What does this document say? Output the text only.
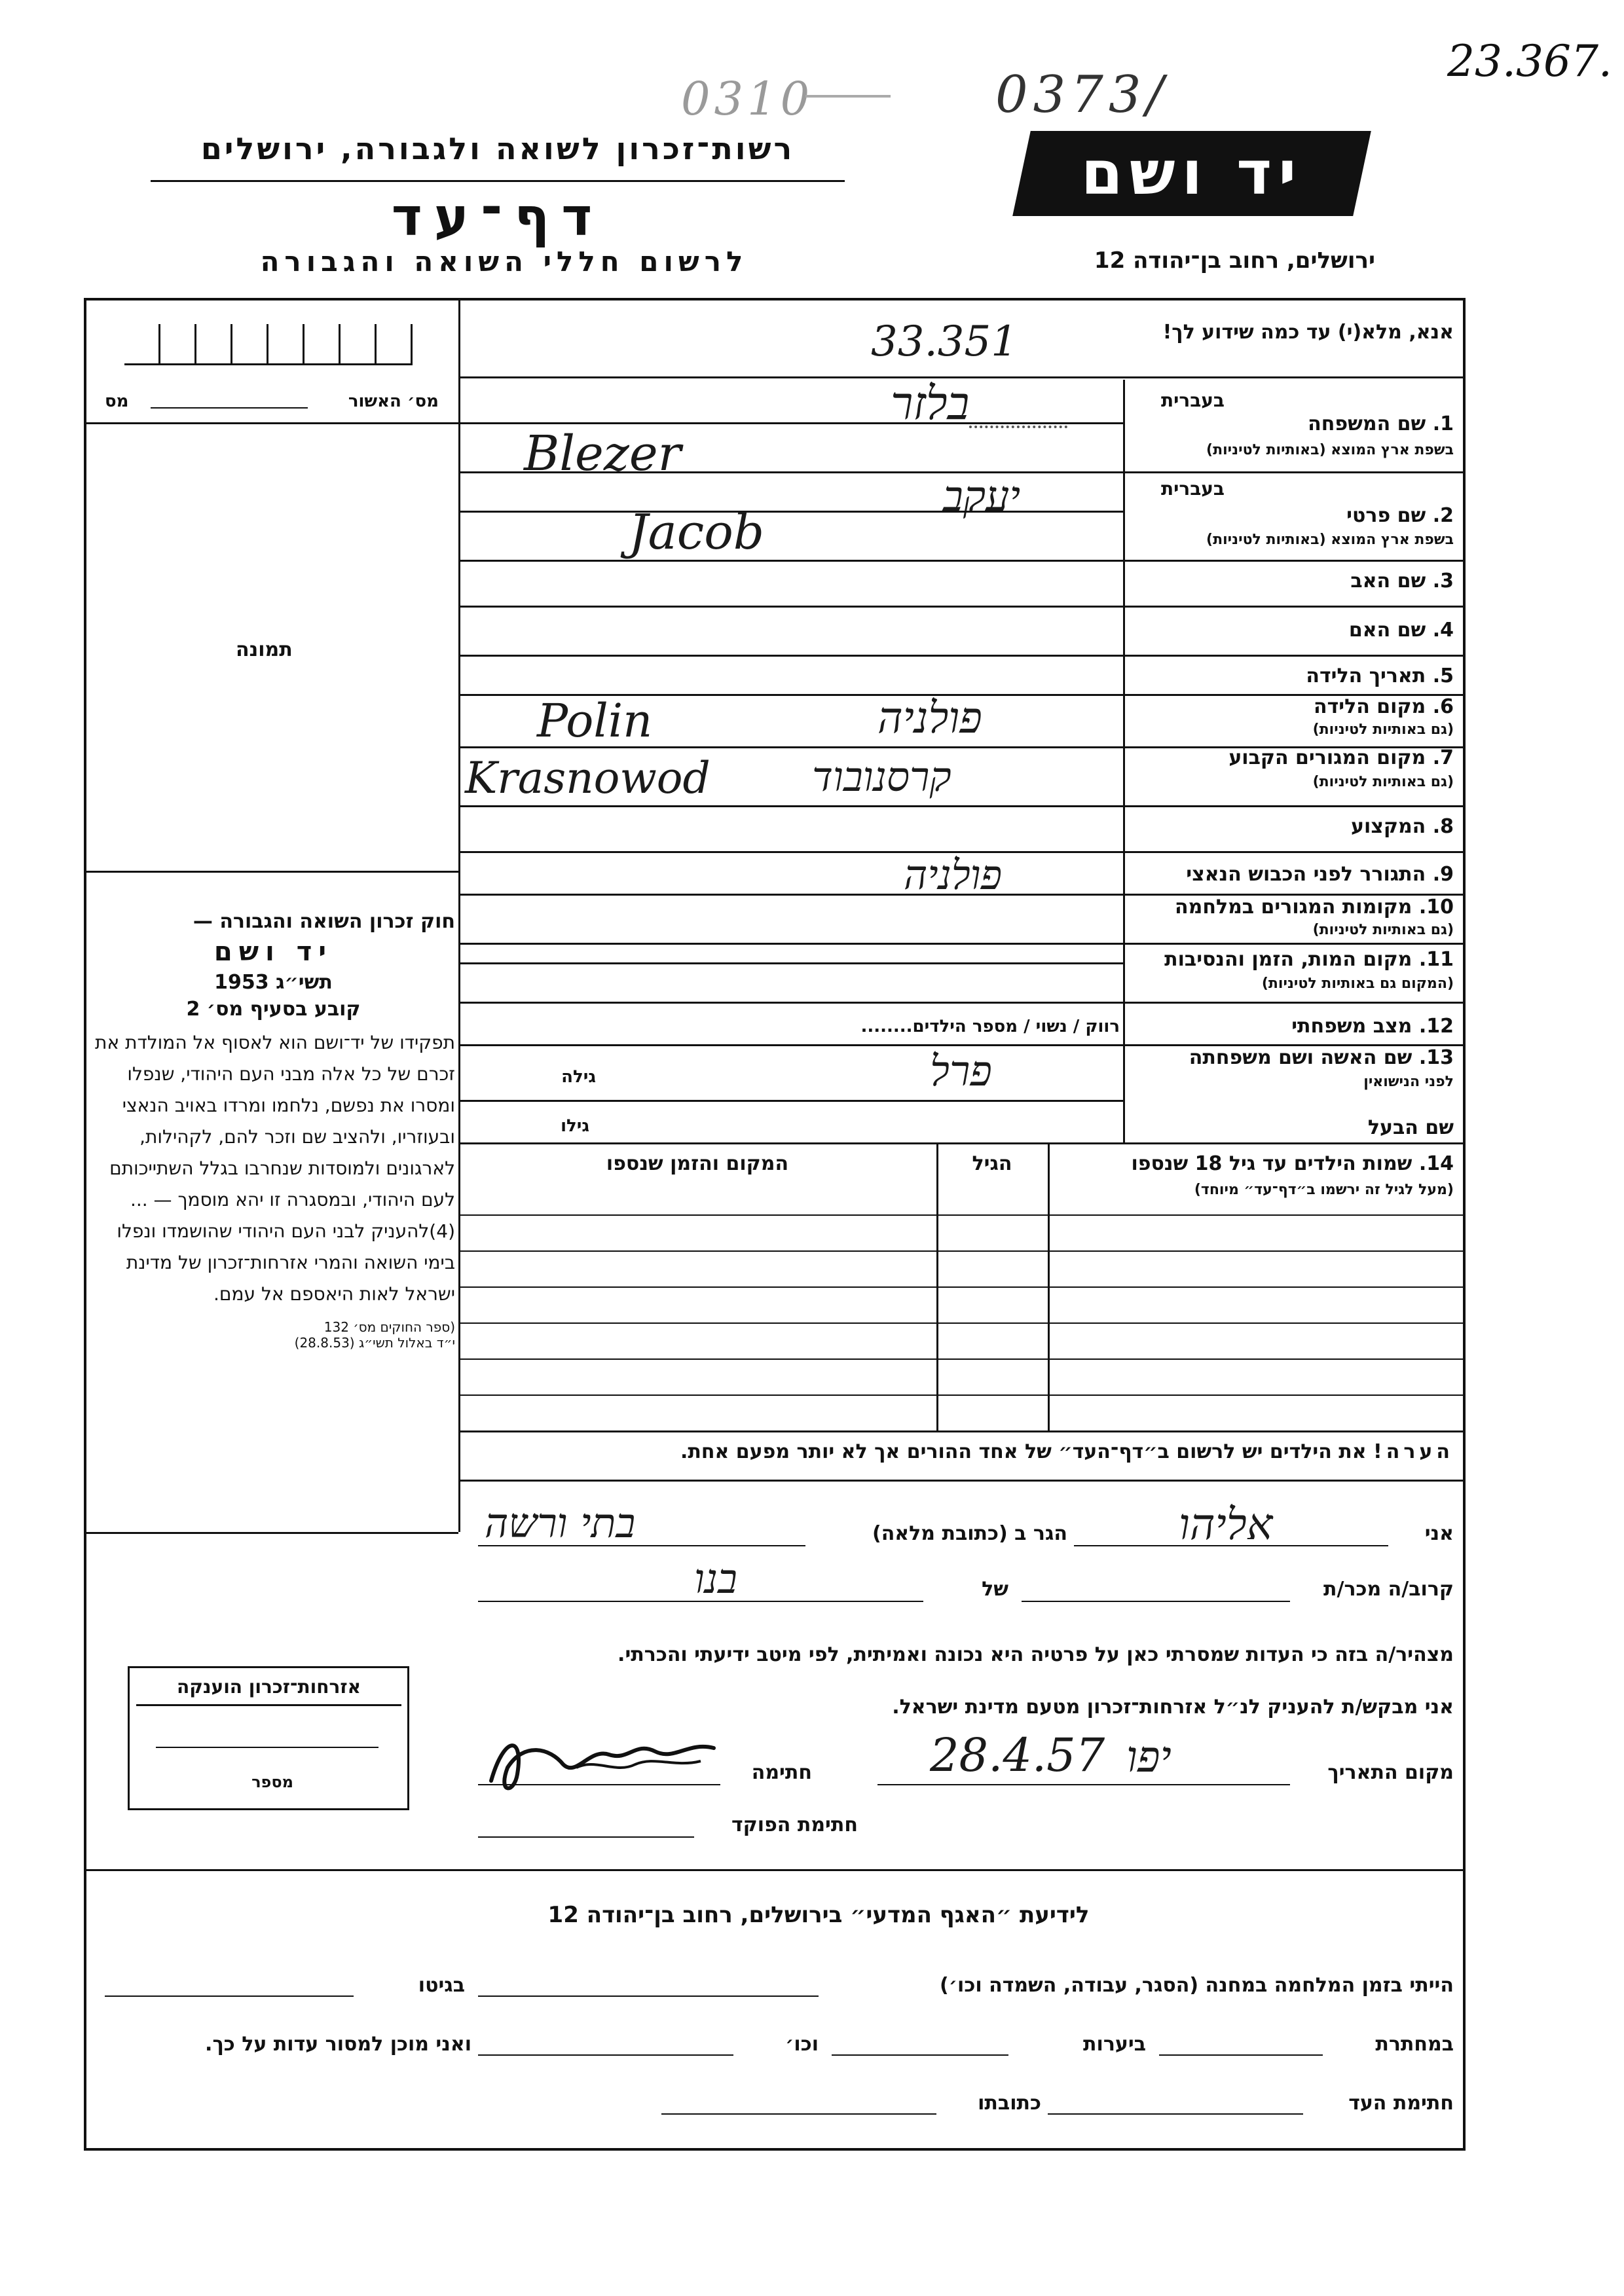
0310	0373/
23.367.
רשות־זכרון לשואה ולגבורה, ירושלים
דף־עד
לרשום חללי השואה והגבורה
יד ושם
ירושלים, רחוב בן־יהודה 12
אנא, מלא(י) עד כמה שידוע לך!
33.351
מס	מס׳ האשור
תמונה
בעברית
1. שם המשפחה
בשפת ארץ המוצא (באותיות לטיניות)
בלזר
Blezer
בעברית
2. שם פרטי
בשפת ארץ המוצא (באותיות לטיניות)
יעקב
Jacob
3. שם האב
4. שם האם
5. תאריך הלידה
6. מקום הלידה
(גם באותיות לטיניות)
Polin	פולניה
7. מקום המגורים הקבוע
(גם באותיות לטיניות)
Krasnowod	קרסנובוד
8. המקצוע
9. התגורר לפני הכבוש הנאצי
פולניה
10. מקומות המגורים במלחמה
(גם באותיות לטיניות)
11. מקום המות, הזמן והנסיבות
(המקום גם באותיות לטיניות)
12. מצב משפחתי
רווק / נשוי / מספר הילדים........
13. שם האשה ושם משפחתה
לפני הנישואין
גילה	פרל
שם הבעל
גילו
14. שמות הילדים עד גיל 18 שנספו
(מעל לגיל זה ירשמו ב״דף־עד״ מיוחד)
הגיל
המקום והזמן שנספו
הערה! את הילדים יש לרשום ב״דף־העד״ של אחד ההורים אך לא יותר מפעם אחת.

חוק זכרון השואה והגבורה —

יד ושם

תשי״ג 1953

קובע בסעיף מס׳ 2

תפקידו של יד־ושם הוא לאסוף אל המולדת את זכרם של כל אלה מבני העם היהודי, שנפלו ומסרו את נפשם, נלחמו ומרדו באויב הנאצי ובעוזריו, ולהציב שם וזכר להם, לקהילות, לארגונים ולמוסדות שנחרבו בגלל השתייכותם לעם היהודי, ובמסגרה זו יהא מוסמך — ...(4)להעניק לבני העם היהודי שהושמדו ונפלו בימי השואה והמרי אזרחות־זכרון של מדינת ישראל לאות היאספם אל עמם.

(ספר החוקים מס׳ 132

י״ד באלול תשי״ג (28.8.53)

אני
אליהו
הגר ב (כתובת מלאה)
בתי ורשה
קרוב/ה מכר/ת
של
בנו
מצהיר/ה בזה כי העדות שמסרתי כאן על פרטיה היא נכונה ואמיתית, לפי מיטב ידיעתי והכרתי.
אני מבקש/ת להעניק לנ״ל אזרחות־זכרון מטעם מדינת ישראל.
מקום התאריך
28.4.57 יפו
חתימה
חתימת הפוקד
אזרחות־זכרון הוענקה
מספר
לידיעת ״האגף המדעי״ בירושלים, רחוב בן־יהודה 12
הייתי בזמן המלחמה במחנה (הסגר, עבודה, השמדה וכו׳)
בגיטו
במחתרת
ביערות
וכו׳
ואני מוכן למסור עדות על כך.
חתימת העד
כתובתו
